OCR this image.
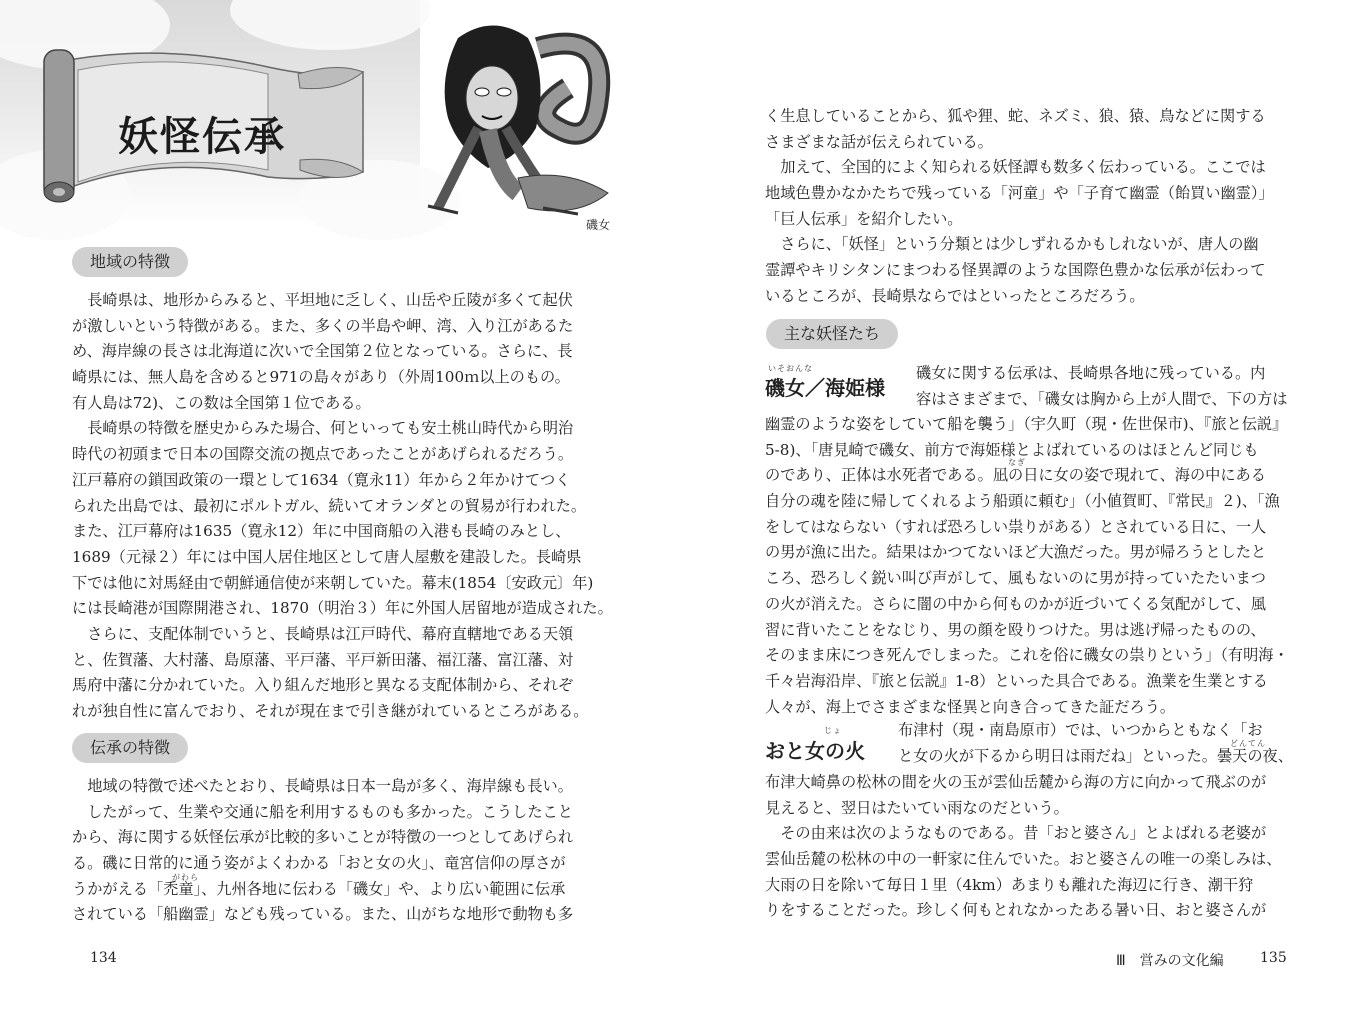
妖怪伝承
磯女
地域の特徴
　長崎県は、地形からみると、平坦地に乏しく、山岳や丘陵が多くて起伏
が激しいという特徴がある。また、多くの半島や岬、湾、入り江があるた
め、海岸線の長さは北海道に次いで全国第２位となっている。さらに、長
崎県には、無人島を含めると971の島々があり（外周100ｍ以上のもの。
有人島は72)、この数は全国第１位である。
　長崎県の特徴を歴史からみた場合、何といっても安土桃山時代から明治
時代の初頭まで日本の国際交流の拠点であったことがあげられるだろう。
江戸幕府の鎖国政策の一環として1634（寛永11）年から２年かけてつく
られた出島では、最初にポルトガル、続いてオランダとの貿易が行われた。
また、江戸幕府は1635（寛永12）年に中国商船の入港も長崎のみとし、
1689（元禄２）年には中国人居住地区として唐人屋敷を建設した。長崎県
下では他に対馬経由で朝鮮通信使が来朝していた。幕末(1854〔安政元〕年)
には長崎港が国際開港され、1870（明治３）年に外国人居留地が造成された。
　さらに、支配体制でいうと、長崎県は江戸時代、幕府直轄地である天領
と、佐賀藩、大村藩、島原藩、平戸藩、平戸新田藩、福江藩、富江藩、対
馬府中藩に分かれていた。入り組んだ地形と異なる支配体制から、それぞ
れが独自性に富んでおり、それが現在まで引き継がれているところがある。
伝承の特徴
　地域の特徴で述べたとおり、長崎県は日本一島が多く、海岸線も長い。
　したがって、生業や交通に船を利用するものも多かった。こうしたこと
から、海に関する妖怪伝承が比較的多いことが特徴の一つとしてあげられ
る。磯に日常的に通う姿がよくわかる「おと女の火」、竜宮信仰の厚さが
うかがえる「禿童」、九州各地に伝わる「磯女」や、より広い範囲に伝承
されている「船幽霊」なども残っている。また、山がちな地形で動物も多
がわら
134
く生息していることから、狐や狸、蛇、ネズミ、狼、猿、鳥などに関する
さまざまな話が伝えられている。
　加えて、全国的によく知られる妖怪譚も数多く伝わっている。ここでは
地域色豊かなかたちで残っている「河童」や「子育て幽霊（飴買い幽霊）」
「巨人伝承」を紹介したい。
　さらに、「妖怪」という分類とは少しずれるかもしれないが、唐人の幽
霊譚やキリシタンにまつわる怪異譚のような国際色豊かな伝承が伝わって
いるところが、長崎県ならではといったところだろう。
主な妖怪たち
いそおんな
磯女／海姫様
磯女に関する伝承は、長崎県各地に残っている。内
容はさまざまで、「磯女は胸から上が人間で、下の方は
幽霊のような姿をしていて船を襲う」（宇久町（現・佐世保市)、『旅と伝説』
5-8)、「唐見崎で磯女、前方で海姫様とよばれているのはほとんど同じも
のであり、正体は水死者である。凪の日に女の姿で現れて、海の中にある
自分の魂を陸に帰してくれるよう船頭に頼む」（小値賀町、『常民』２)、「漁
をしてはならない（すれば恐ろしい祟りがある）とされている日に、一人
の男が漁に出た。結果はかつてないほど大漁だった。男が帰ろうとしたと
ころ、恐ろしく鋭い叫び声がして、風もないのに男が持っていたたいまつ
の火が消えた。さらに闇の中から何ものかが近づいてくる気配がして、風
習に背いたことをなじり、男の顔を殴りつけた。男は逃げ帰ったものの、
そのまま床につき死んでしまった。これを俗に磯女の祟りという」（有明海・
千々岩海沿岸、『旅と伝説』1-8）といった具合である。漁業を生業とする
人々が、海上でさまざまな怪異と向き合ってきた証だろう。
なぎ
じょ
おと女の火
布津村（現・南島原市）では、いつからともなく「お
と女の火が下るから明日は雨だね」といった。曇天の夜、
どんてん
布津大崎鼻の松林の間を火の玉が雲仙岳麓から海の方に向かって飛ぶのが
見えると、翌日はたいてい雨なのだという。
　その由来は次のようなものである。昔「おと婆さん」とよばれる老婆が
雲仙岳麓の松林の中の一軒家に住んでいた。おと婆さんの唯一の楽しみは、
大雨の日を除いて毎日１里（4km）あまりも離れた海辺に行き、潮干狩
りをすることだった。珍しく何もとれなかったある暑い日、おと婆さんが
Ⅲ　営みの文化編	135
